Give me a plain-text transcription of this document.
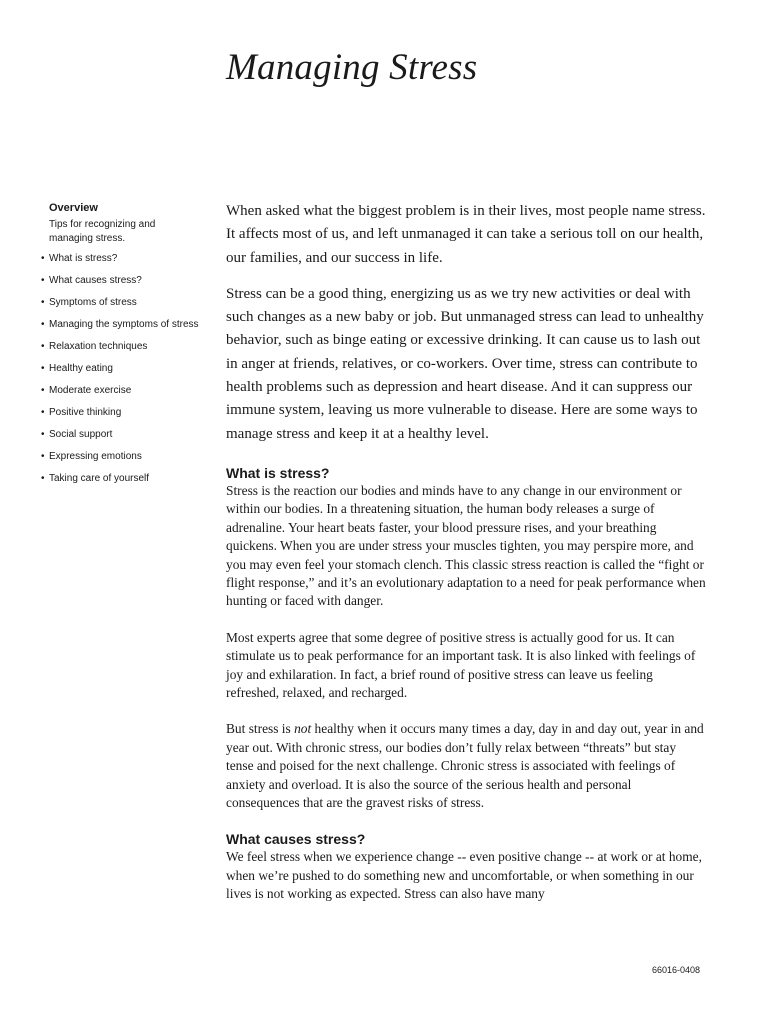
Managing Stress
Overview
Tips for recognizing and managing stress.
• What is stress?
• What causes stress?
• Symptoms of stress
• Managing the symptoms of stress
• Relaxation techniques
• Healthy eating
• Moderate exercise
• Positive thinking
• Social support
• Expressing emotions
• Taking care of yourself

When asked what the biggest problem is in their lives, most people name stress. It affects most of us, and left unmanaged it can take a serious toll on our health, our families, and our success in life.

Stress can be a good thing, energizing us as we try new activities or deal with such changes as a new baby or job. But unmanaged stress can lead to unhealthy behavior, such as binge eating or excessive drinking. It can cause us to lash out in anger at friends, relatives, or co-workers. Over time, stress can contribute to health problems such as depression and heart disease. And it can suppress our immune system, leaving us more vulnerable to disease. Here are some ways to manage stress and keep it at a healthy level.

What is stress?

Stress is the reaction our bodies and minds have to any change in our environment or within our bodies. In a threatening situation, the human body releases a surge of adrenaline. Your heart beats faster, your blood pressure rises, and your breathing quickens. When you are under stress your muscles tighten, you may perspire more, and you may even feel your stomach clench. This classic stress reaction is called the “fight or flight response,” and it’s an evolutionary adaptation to a need for peak performance when hunting or faced with danger.

Most experts agree that some degree of positive stress is actually good for us. It can stimulate us to peak performance for an important task. It is also linked with feelings of joy and exhilaration. In fact, a brief round of positive stress can leave us feeling refreshed, relaxed, and recharged.

But stress is not healthy when it occurs many times a day, day in and day out, year in and year out. With chronic stress, our bodies don’t fully relax between “threats” but stay tense and poised for the next challenge. Chronic stress is associated with feelings of anxiety and overload. It is also the source of the serious health and personal consequences that are the gravest risks of stress.

What causes stress?

We feel stress when we experience change -- even positive change -- at work or at home, when we’re pushed to do something new and uncomfortable, or when something in our lives is not working as expected. Stress can also have many

66016-0408
